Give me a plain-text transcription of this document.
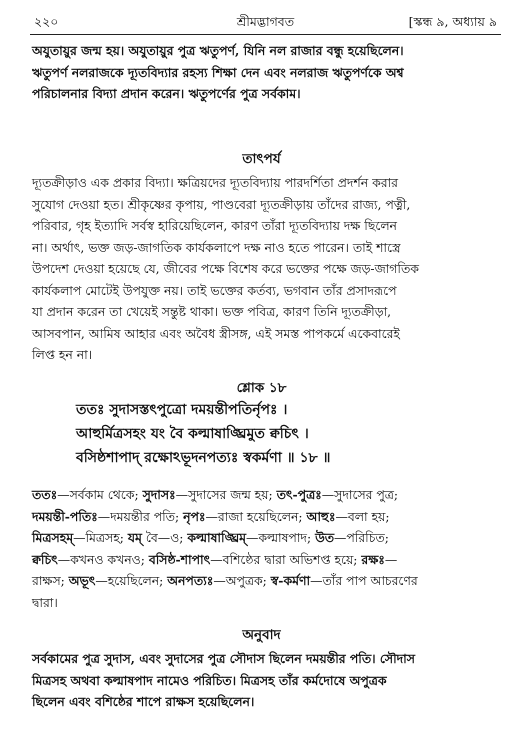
২২০	শ্রীমদ্ভাগবত	[স্কন্ধ ৯, অধ্যায় ৯
অযুতায়ুর জন্ম হয়। অযুতায়ুর পুত্র ঋতুপর্ণ, যিনি নল রাজার বন্ধু হয়েছিলেন।
ঋতুপর্ণ নলরাজকে দ্যূতবিদ্যার রহস্য শিক্ষা দেন এবং নলরাজ ঋতুপর্ণকে অশ্ব
পরিচালনার বিদ্যা প্রদান করেন। ঋতুপর্ণের পুত্র সর্বকাম।
তাৎপর্য
দ্যূতক্রীড়াও এক প্রকার বিদ্যা। ক্ষত্রিয়দের দ্যূতবিদ্যায় পারদর্শিতা প্রদর্শন করার
সুযোগ দেওয়া হত। শ্রীকৃষ্ণের কৃপায়, পাণ্ডবেরা দ্যূতক্রীড়ায় তাঁদের রাজ্য, পত্নী,
পরিবার, গৃহ ইত্যাদি সর্বস্ব হারিয়েছিলেন, কারণ তাঁরা দ্যূতবিদ্যায় দক্ষ ছিলেন
না। অর্থাৎ, ভক্ত জড়-জাগতিক কার্যকলাপে দক্ষ নাও হতে পারেন। তাই শাস্ত্রে
উপদেশ দেওয়া হয়েছে যে, জীবের পক্ষে বিশেষ করে ভক্তের পক্ষে জড়-জাগতিক
কার্যকলাপ মোটেই উপযুক্ত নয়। তাই ভক্তের কর্তব্য, ভগবান তাঁর প্রসাদরূপে
যা প্রদান করেন তা খেয়েই সন্তুষ্ট থাকা। ভক্ত পবিত্র, কারণ তিনি দ্যূতক্রীড়া,
আসবপান, আমিষ আহার এবং অবৈধ স্ত্রীসঙ্গ, এই সমস্ত পাপকর্মে একেবারেই
লিপ্ত হন না।
শ্লোক ১৮
ততঃ সুদাসস্তৎপুত্রো দময়ন্তীপতির্নৃপঃ ।
আহুর্মিত্রসহং যং বৈ কল্মাষাঙ্ঘ্রিমুত ক্বচিৎ ।
বসিষ্ঠশাপাদ্ রক্ষোঽভূদনপত্যঃ স্বকর্মণা ॥ ১৮ ॥
ততঃ—সর্বকাম থেকে; সুদাসঃ—সুদাসের জন্ম হয়; তৎ-পুত্রঃ—সুদাসের পুত্র;
দময়ন্তী-পতিঃ—দময়ন্তীর পতি; নৃপঃ—রাজা হয়েছিলেন; আহুঃ—বলা হয়;
মিত্রসহম্—মিত্রসহ; যম্ বৈ—ও; কল্মাষাঙ্ঘ্রিম্—কল্মাষপাদ; উত—পরিচিত;
ক্বচিৎ—কখনও কখনও; বসিষ্ঠ-শাপাৎ—বশিষ্ঠের দ্বারা অভিশপ্ত হয়ে; রক্ষঃ—
রাক্ষস; অভূৎ—হয়েছিলেন; অনপত্যঃ—অপুত্রক; স্ব-কর্মণা—তাঁর পাপ আচরণের
দ্বারা।
অনুবাদ
সর্বকামের পুত্র সুদাস, এবং সুদাসের পুত্র সৌদাস ছিলেন দময়ন্তীর পতি। সৌদাস
মিত্রসহ অথবা কল্মাষপাদ নামেও পরিচিত। মিত্রসহ তাঁর কর্মদোষে অপুত্রক
ছিলেন এবং বশিষ্ঠের শাপে রাক্ষস হয়েছিলেন।
